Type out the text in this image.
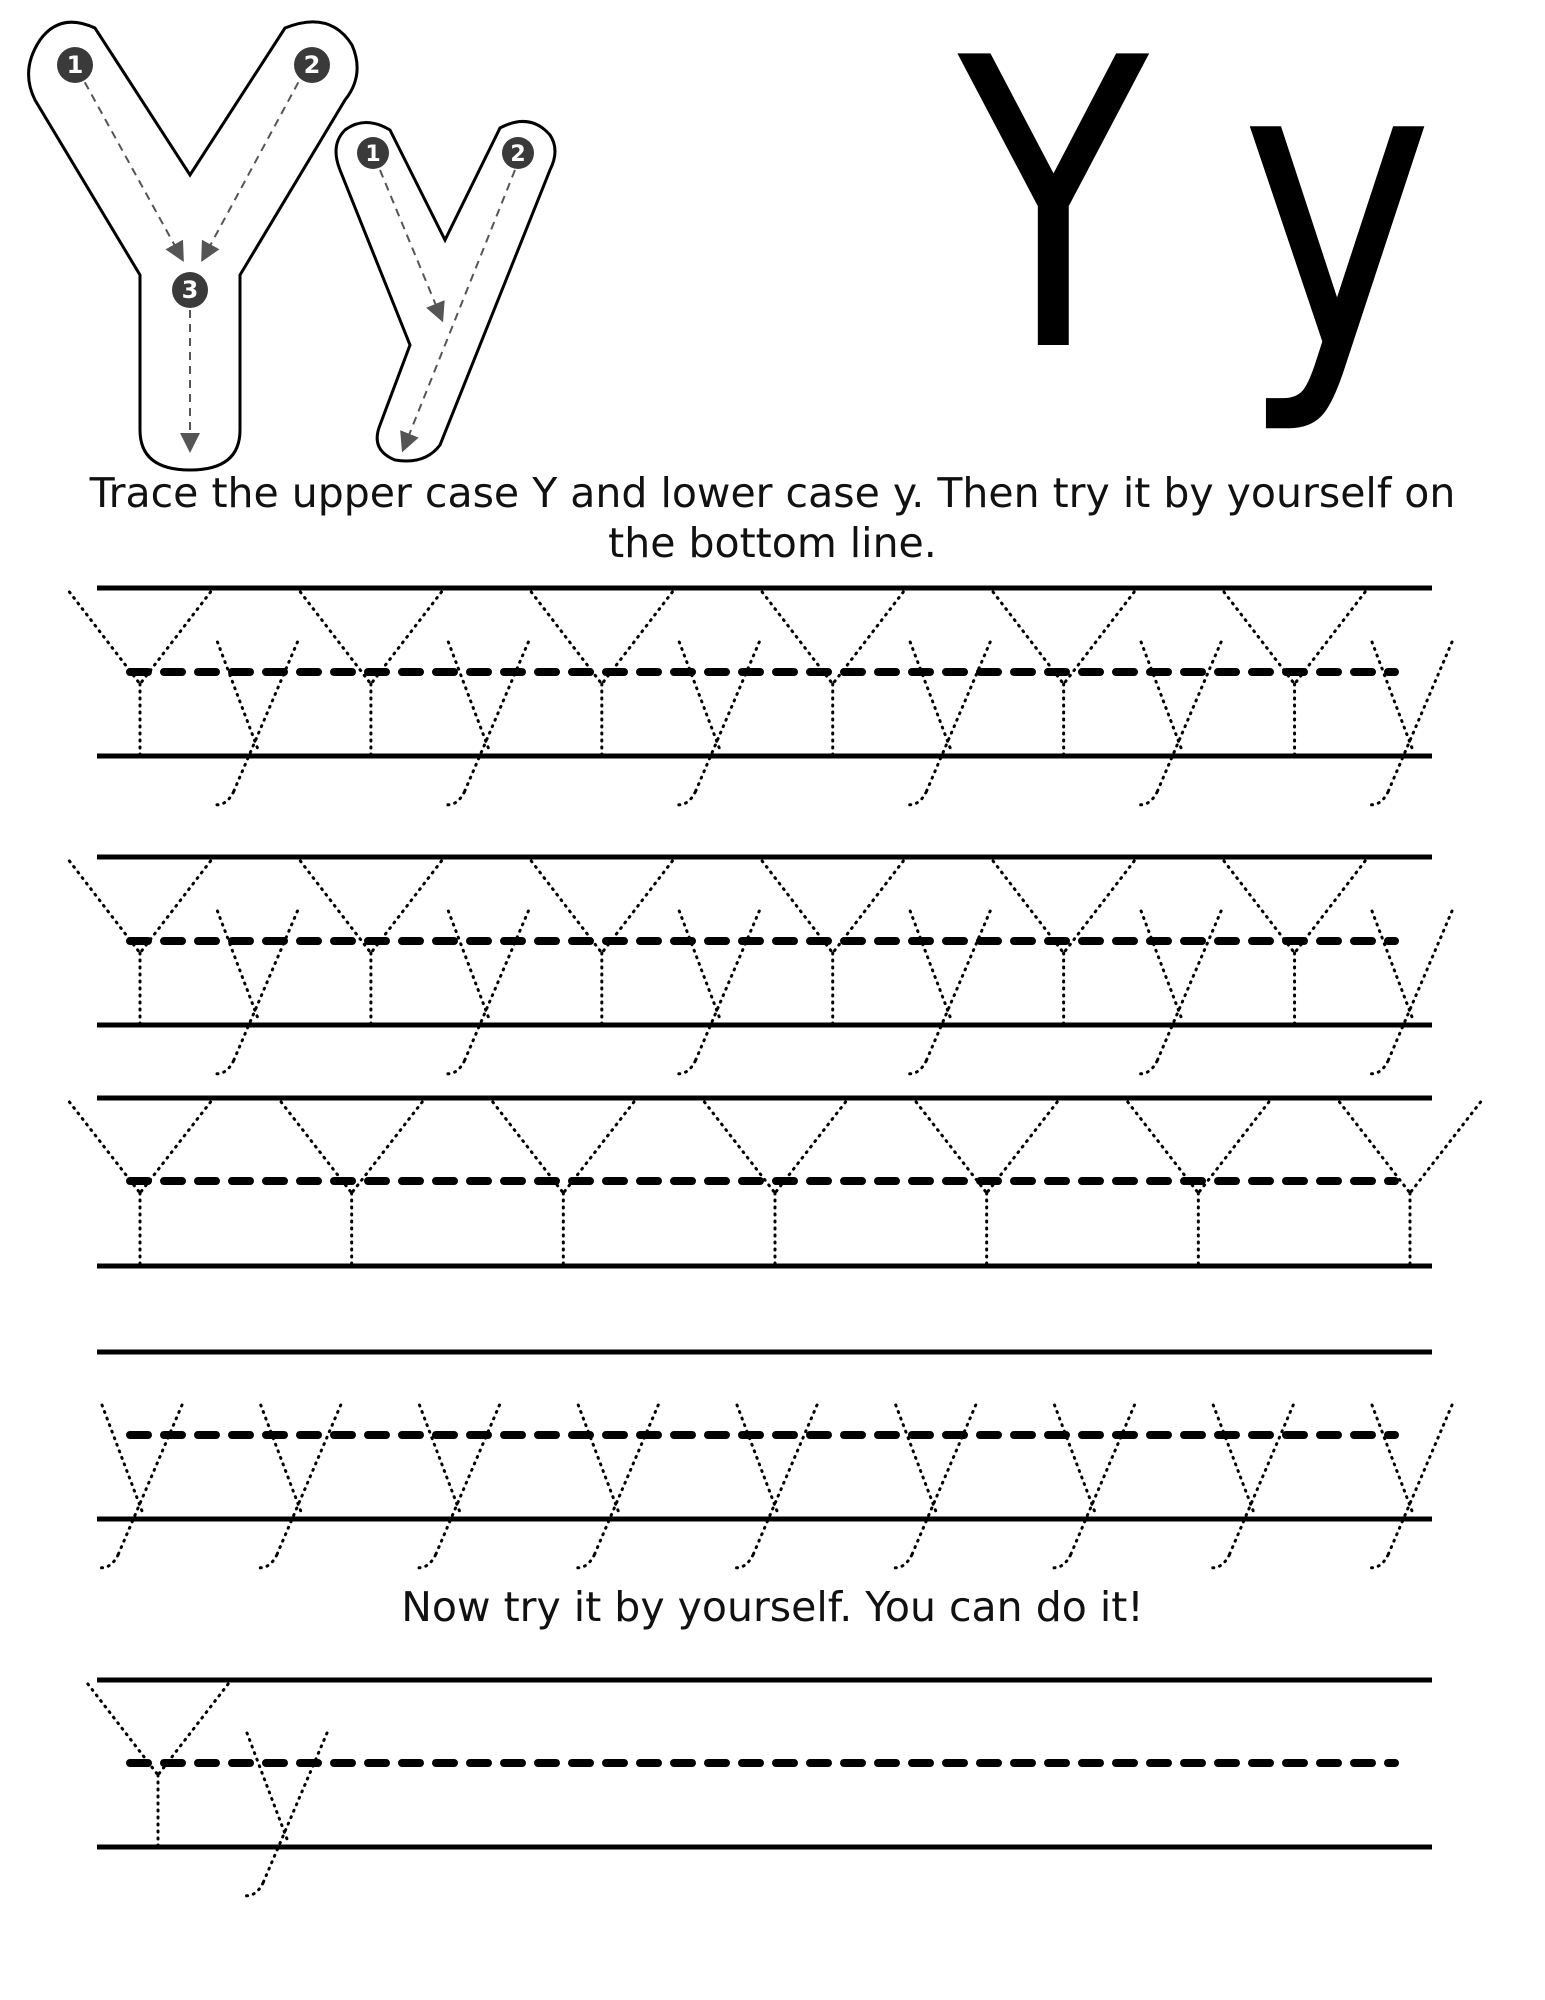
1	2
3
1	2 Y y
Trace the upper case Y and lower case y. Then try it by yourself on the bottom line.
Now try it by yourself. You can do it!
